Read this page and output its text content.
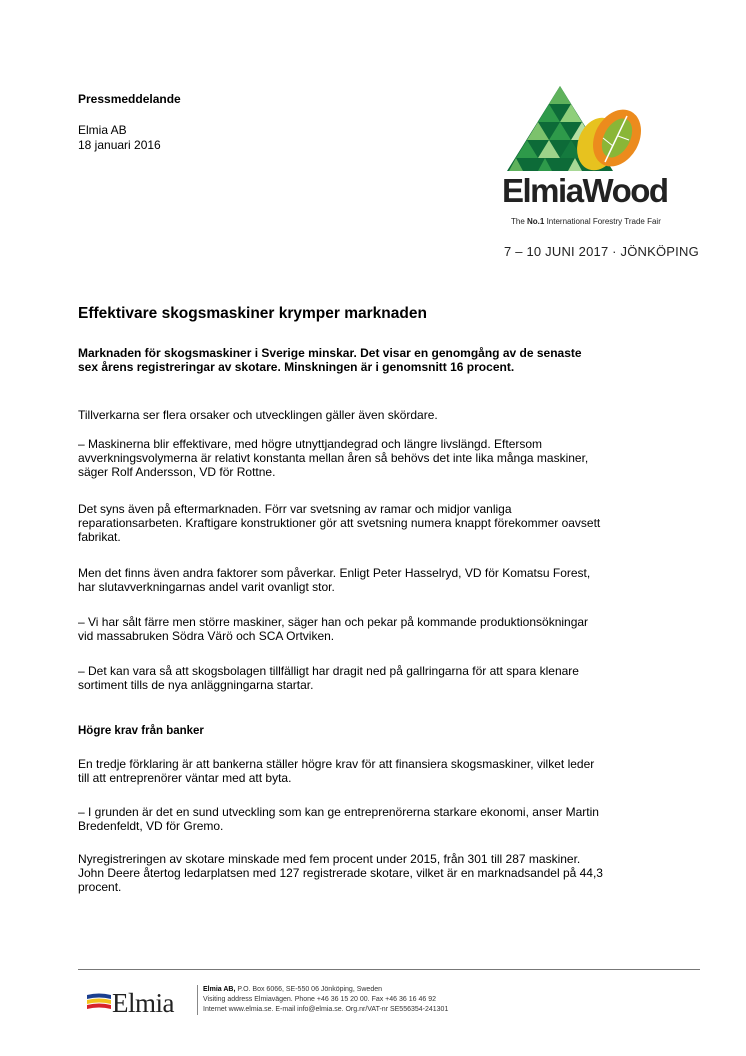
Pressmeddelande
Elmia AB
18 januari 2016
ElmiaWood
The No.1 International Forestry Trade Fair
7 – 10 JUNI 2017 · JÖNKÖPING
Effektivare skogsmaskiner krymper marknaden
Marknaden för skogsmaskiner i Sverige minskar. Det visar en genomgång av de senaste
sex årens registreringar av skotare. Minskningen är i genomsnitt 16 procent.
Tillverkarna ser flera orsaker och utvecklingen gäller även skördare.
– Maskinerna blir effektivare, med högre utnyttjandegrad och längre livslängd. Eftersom
avverkningsvolymerna är relativt konstanta mellan åren så behövs det inte lika många maskiner,
säger Rolf Andersson, VD för Rottne.
Det syns även på eftermarknaden. Förr var svetsning av ramar och midjor vanliga
reparationsarbeten. Kraftigare konstruktioner gör att svetsning numera knappt förekommer oavsett
fabrikat.
Men det finns även andra faktorer som påverkar. Enligt Peter Hasselryd, VD för Komatsu Forest,
har slutavverkningarnas andel varit ovanligt stor.
– Vi har sålt färre men större maskiner, säger han och pekar på kommande produktionsökningar
vid massabruken Södra Värö och SCA Ortviken.
– Det kan vara så att skogsbolagen tillfälligt har dragit ned på gallringarna för att spara klenare
sortiment tills de nya anläggningarna startar.
Högre krav från banker
En tredje förklaring är att bankerna ställer högre krav för att finansiera skogsmaskiner, vilket leder
till att entreprenörer väntar med att byta.
– I grunden är det en sund utveckling som kan ge entreprenörerna starkare ekonomi, anser Martin
Bredenfeldt, VD för Gremo.
Nyregistreringen av skotare minskade med fem procent under 2015, från 301 till 287 maskiner.
John Deere återtog ledarplatsen med 127 registrerade skotare, vilket är en marknadsandel på 44,3
procent.
Elmia	Elmia AB, P.O. Box 6066, SE-550 06 Jönköping, Sweden
Visiting address Elmiavägen. Phone +46 36 15 20 00. Fax +46 36 16 46 92
Internet www.elmia.se. E-mail info@elmia.se. Org.nr/VAT-nr SE556354-241301
